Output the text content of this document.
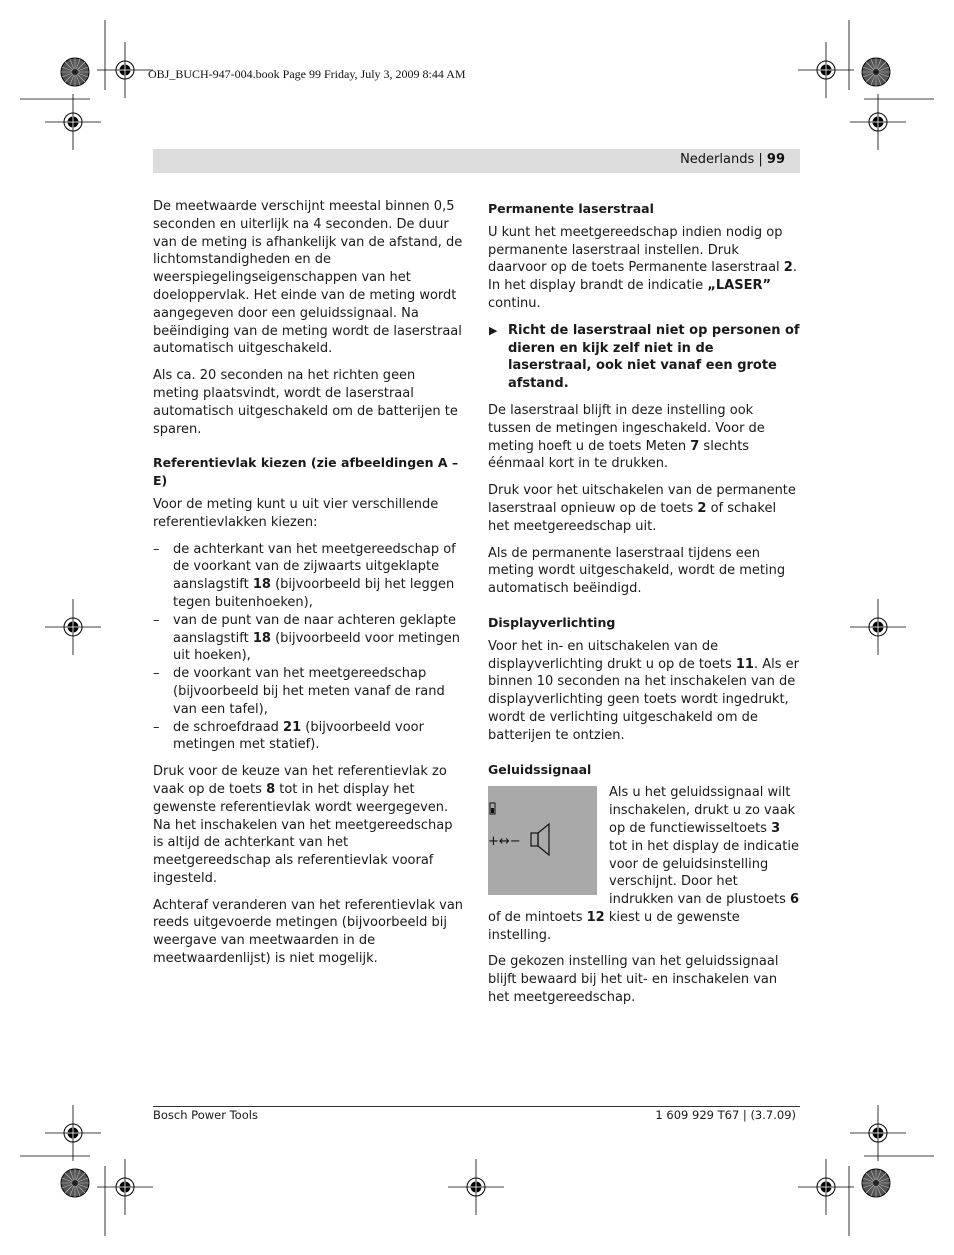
OBJ_BUCH-947-004.book Page 99 Friday, July 3, 2009 8:44 AM
Nederlands | 99

De meetwaarde verschijnt meestal binnen 0,5 seconden en uiterlijk na 4 seconden. De duur van de meting is afhankelijk van de afstand, de lichtomstandigheden en de weerspiegelingseigenschappen van het doeloppervlak. Het einde van de meting wordt aangegeven door een geluidssignaal. Na beëindiging van de meting wordt de laserstraal automatisch uitgeschakeld.

Als ca. 20 seconden na het richten geen meting plaatsvindt, wordt de laserstraal automatisch uitgeschakeld om de batterijen te sparen.

Referentievlak kiezen (zie afbeeldingen A – E)

Voor de meting kunt u uit vier verschillende referentievlakken kiezen:

– de achterkant van het meetgereedschap of de voorkant van de zijwaarts uitgeklapte aanslagstift 18 (bijvoorbeeld bij het leggen tegen buitenhoeken),
– van de punt van de naar achteren geklapte aanslagstift 18 (bijvoorbeeld voor metingen uit hoeken),
– de voorkant van het meetgereedschap (bijvoorbeeld bij het meten vanaf de rand van een tafel),
– de schroefdraad 21 (bijvoorbeeld voor metingen met statief).

Druk voor de keuze van het referentievlak zo vaak op de toets 8 tot in het display het gewenste referentievlak wordt weergegeven. Na het inschakelen van het meetgereedschap is altijd de achterkant van het meetgereedschap als referentievlak vooraf ingesteld.

Achteraf veranderen van het referentievlak van reeds uitgevoerde metingen (bijvoorbeeld bij weergave van meetwaarden in de meetwaardenlijst) is niet mogelijk.

Permanente laserstraal

U kunt het meetgereedschap indien nodig op permanente laserstraal instellen. Druk daarvoor op de toets Permanente laserstraal 2. In het display brandt de indicatie „LASER” continu.

▶ Richt de laserstraal niet op personen of dieren en kijk zelf niet in de laserstraal, ook niet vanaf een grote afstand.

De laserstraal blijft in deze instelling ook tussen de metingen ingeschakeld. Voor de meting hoeft u de toets Meten 7 slechts éénmaal kort in te drukken.

Druk voor het uitschakelen van de permanente laserstraal opnieuw op de toets 2 of schakel het meetgereedschap uit.

Als de permanente laserstraal tijdens een meting wordt uitgeschakeld, wordt de meting automatisch beëindigd.

Displayverlichting

Voor het in- en uitschakelen van de displayverlichting drukt u op de toets 11. Als er binnen 10 seconden na het inschakelen van de displayverlichting geen toets wordt ingedrukt, wordt de verlichting uitgeschakeld om de batterijen te ontzien.

Geluidssignaal
+↔−

Als u het geluidssignaal wilt inschakelen, drukt u zo vaak op de functiewisseltoets 3 tot in het display de indicatie voor de geluidsinstelling verschijnt. Door het indrukken van de plustoets 6 of de mintoets 12 kiest u de gewenste instelling.

De gekozen instelling van het geluidssignaal blijft bewaard bij het uit- en inschakelen van het meetgereedschap.

Bosch Power Tools	1 609 929 T67 | (3.7.09)
